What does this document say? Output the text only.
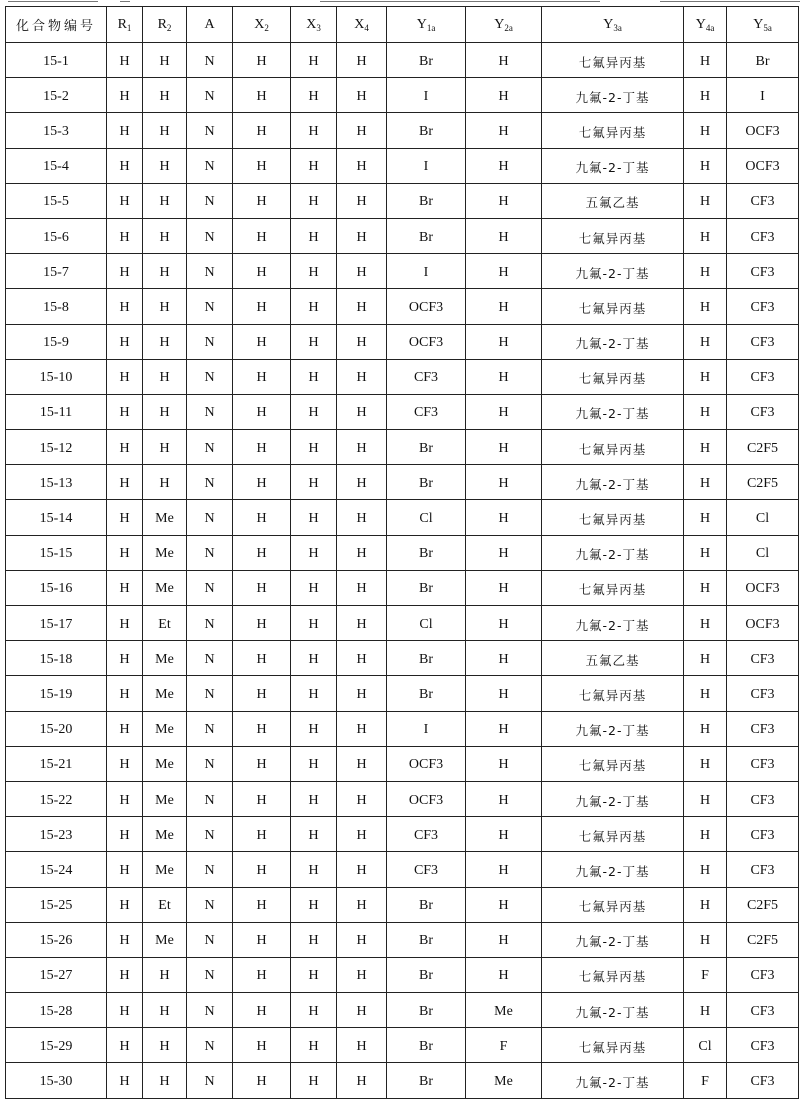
化合物编号	$R_1$	$R_2$	A	$X_2$	$X_3$	$X_4$	$Y_{1a}$	$Y_{2a}$	$Y_{3a}$	$Y_{4a}$	$Y_{5a}$
15-1	H	H	N	H	H	H	Br	H	七氟异丙基	H	Br
15-2	H	H	N	H	H	H	I	H	九氟-2-丁基	H	I
15-3	H	H	N	H	H	H	Br	H	七氟异丙基	H	OCF3
15-4	H	H	N	H	H	H	I	H	九氟-2-丁基	H	OCF3
15-5	H	H	N	H	H	H	Br	H	五氟乙基	H	CF3
15-6	H	H	N	H	H	H	Br	H	七氟异丙基	H	CF3
15-7	H	H	N	H	H	H	I	H	九氟-2-丁基	H	CF3
15-8	H	H	N	H	H	H	OCF3	H	七氟异丙基	H	CF3
15-9	H	H	N	H	H	H	OCF3	H	九氟-2-丁基	H	CF3
15-10	H	H	N	H	H	H	CF3	H	七氟异丙基	H	CF3
15-11	H	H	N	H	H	H	CF3	H	九氟-2-丁基	H	CF3
15-12	H	H	N	H	H	H	Br	H	七氟异丙基	H	C2F5
15-13	H	H	N	H	H	H	Br	H	九氟-2-丁基	H	C2F5
15-14	H	Me	N	H	H	H	Cl	H	七氟异丙基	H	Cl
15-15	H	Me	N	H	H	H	Br	H	九氟-2-丁基	H	Cl
15-16	H	Me	N	H	H	H	Br	H	七氟异丙基	H	OCF3
15-17	H	Et	N	H	H	H	Cl	H	九氟-2-丁基	H	OCF3
15-18	H	Me	N	H	H	H	Br	H	五氟乙基	H	CF3
15-19	H	Me	N	H	H	H	Br	H	七氟异丙基	H	CF3
15-20	H	Me	N	H	H	H	I	H	九氟-2-丁基	H	CF3
15-21	H	Me	N	H	H	H	OCF3	H	七氟异丙基	H	CF3
15-22	H	Me	N	H	H	H	OCF3	H	九氟-2-丁基	H	CF3
15-23	H	Me	N	H	H	H	CF3	H	七氟异丙基	H	CF3
15-24	H	Me	N	H	H	H	CF3	H	九氟-2-丁基	H	CF3
15-25	H	Et	N	H	H	H	Br	H	七氟异丙基	H	C2F5
15-26	H	Me	N	H	H	H	Br	H	九氟-2-丁基	H	C2F5
15-27	H	H	N	H	H	H	Br	H	七氟异丙基	F	CF3
15-28	H	H	N	H	H	H	Br	Me	九氟-2-丁基	H	CF3
15-29	H	H	N	H	H	H	Br	F	七氟异丙基	Cl	CF3
15-30	H	H	N	H	H	H	Br	Me	九氟-2-丁基	F	CF3
